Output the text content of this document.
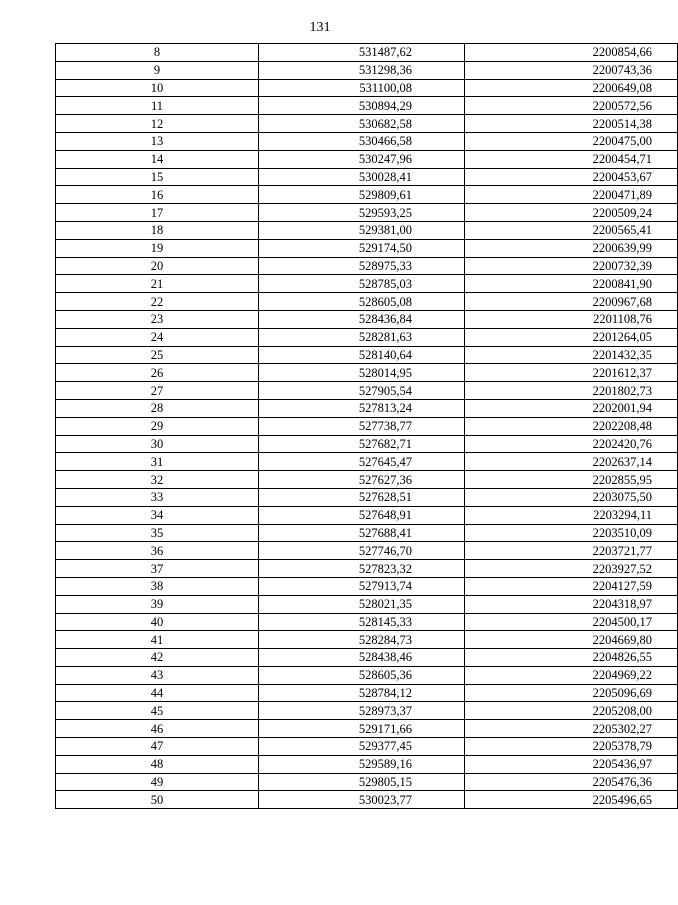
131
8	531487,62	2200854,66
9	531298,36	2200743,36
10	531100,08	2200649,08
11	530894,29	2200572,56
12	530682,58	2200514,38
13	530466,58	2200475,00
14	530247,96	2200454,71
15	530028,41	2200453,67
16	529809,61	2200471,89
17	529593,25	2200509,24
18	529381,00	2200565,41
19	529174,50	2200639,99
20	528975,33	2200732,39
21	528785,03	2200841,90
22	528605,08	2200967,68
23	528436,84	2201108,76
24	528281,63	2201264,05
25	528140,64	2201432,35
26	528014,95	2201612,37
27	527905,54	2201802,73
28	527813,24	2202001,94
29	527738,77	2202208,48
30	527682,71	2202420,76
31	527645,47	2202637,14
32	527627,36	2202855,95
33	527628,51	2203075,50
34	527648,91	2203294,11
35	527688,41	2203510,09
36	527746,70	2203721,77
37	527823,32	2203927,52
38	527913,74	2204127,59
39	528021,35	2204318,97
40	528145,33	2204500,17
41	528284,73	2204669,80
42	528438,46	2204826,55
43	528605,36	2204969,22
44	528784,12	2205096,69
45	528973,37	2205208,00
46	529171,66	2205302,27
47	529377,45	2205378,79
48	529589,16	2205436,97
49	529805,15	2205476,36
50	530023,77	2205496,65
